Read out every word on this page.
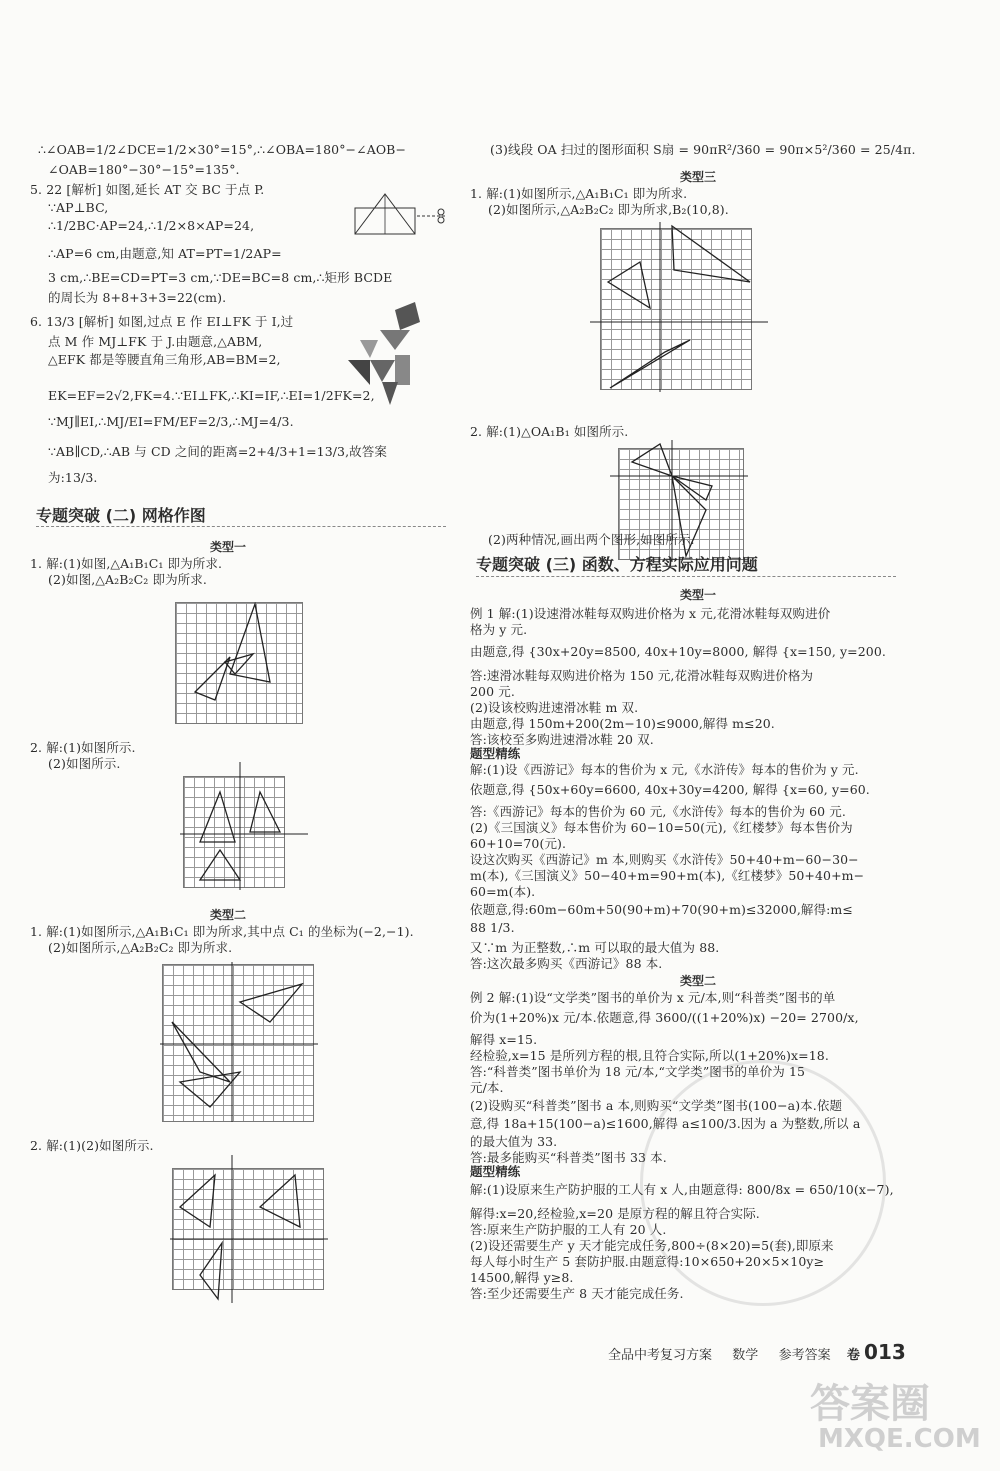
∴∠OAB=1/2∠DCE=1/2×30°=15°,∴∠OBA=180°−∠AOB−
∠OAB=180°−30°−15°=135°.
5. 22 [解析] 如图,延长 AT 交 BC 于点 P.
∵AP⊥BC,
∴1/2BC·AP=24,∴1/2×8×AP=24,
∴AP=6 cm,由题意,知 AT=PT=1/2AP=
3 cm,∴BE=CD=PT=3 cm,∵DE=BC=8 cm,∴矩形 BCDE
的周长为 8+8+3+3=22(cm).
6. 13/3 [解析] 如图,过点 E 作 EI⊥FK 于 I,过
点 M 作 MJ⊥FK 于 J.由题意,△ABM,
△EFK 都是等腰直角三角形,AB=BM=2,
EK=EF=2√2,FK=4.∵EI⊥FK,∴KI=IF,∴EI=1/2FK=2,
∵MJ∥EI,∴MJ/EI=FM/EF=2/3,∴MJ=4/3.
∵AB∥CD,∴AB 与 CD 之间的距离=2+4/3+1=13/3,故答案
为:13/3.
专题突破 (二) 网格作图
类型一
1. 解:(1)如图,△A₁B₁C₁ 即为所求.
(2)如图,△A₂B₂C₂ 即为所求.
2. 解:(1)如图所示.
(2)如图所示.
类型二
1. 解:(1)如图所示,△A₁B₁C₁ 即为所求,其中点 C₁ 的坐标为(−2,−1).
(2)如图所示,△A₂B₂C₂ 即为所求.
2. 解:(1)(2)如图所示.
(3)线段 OA 扫过的图形面积 S扇 = 90πR²/360 = 90π×5²/360 = 25/4π.
类型三
1. 解:(1)如图所示,△A₁B₁C₁ 即为所求.
(2)如图所示,△A₂B₂C₂ 即为所求,B₂(10,8).
2. 解:(1)△OA₁B₁ 如图所示.
(2)两种情况,画出两个图形,如图所示.
专题突破 (三) 函数、方程实际应用问题
类型一
例 1 解:(1)设速滑冰鞋每双购进价格为 x 元,花滑冰鞋每双购进价
格为 y 元.
由题意,得 {30x+20y=8500, 40x+10y=8000, 解得 {x=150, y=200.
答:速滑冰鞋每双购进价格为 150 元,花滑冰鞋每双购进价格为
200 元.
(2)设该校购进速滑冰鞋 m 双.
由题意,得 150m+200(2m−10)≤9000,解得 m≤20.
答:该校至多购进速滑冰鞋 20 双.
题型精练
解:(1)设《西游记》每本的售价为 x 元,《水浒传》每本的售价为 y 元.
依题意,得 {50x+60y=6600, 40x+30y=4200, 解得 {x=60, y=60.
答:《西游记》每本的售价为 60 元,《水浒传》每本的售价为 60 元.
(2)《三国演义》每本售价为 60−10=50(元),《红楼梦》每本售价为
60+10=70(元).
设这次购买《西游记》m 本,则购买《水浒传》50+40+m−60−30−
m(本),《三国演义》50−40+m=90+m(本),《红楼梦》50+40+m−
60=m(本).
依题意,得:60m−60m+50(90+m)+70(90+m)≤32000,解得:m≤
88 1/3.
又∵m 为正整数,∴m 可以取的最大值为 88.
答:这次最多购买《西游记》88 本.
类型二
例 2 解:(1)设“文学类”图书的单价为 x 元/本,则“科普类”图书的单
价为(1+20%)x 元/本.依题意,得 3600/((1+20%)x) −20= 2700/x,
解得 x=15.
经检验,x=15 是所列方程的根,且符合实际,所以(1+20%)x=18.
答:“科普类”图书单价为 18 元/本,“文学类”图书的单价为 15
元/本.
(2)设购买“科普类”图书 a 本,则购买“文学类”图书(100−a)本.依题
意,得 18a+15(100−a)≤1600,解得 a≤100/3.因为 a 为整数,所以 a
的最大值为 33.
答:最多能购买“科普类”图书 33 本.
题型精练
解:(1)设原来生产防护服的工人有 x 人,由题意得: 800/8x = 650/10(x−7),
解得:x=20,经检验,x=20 是原方程的解且符合实际.
答:原来生产防护服的工人有 20 人.
(2)设还需要生产 y 天才能完成任务,800÷(8×20)=5(套),即原来
每人每小时生产 5 套防护服.由题意得:10×650+20×5×10y≥
14500,解得 y≥8.
答:至少还需要生产 8 天才能完成任务.
全品中考复习方案 数学 参考答案 卷 013
答案圈
MXQE.COM
